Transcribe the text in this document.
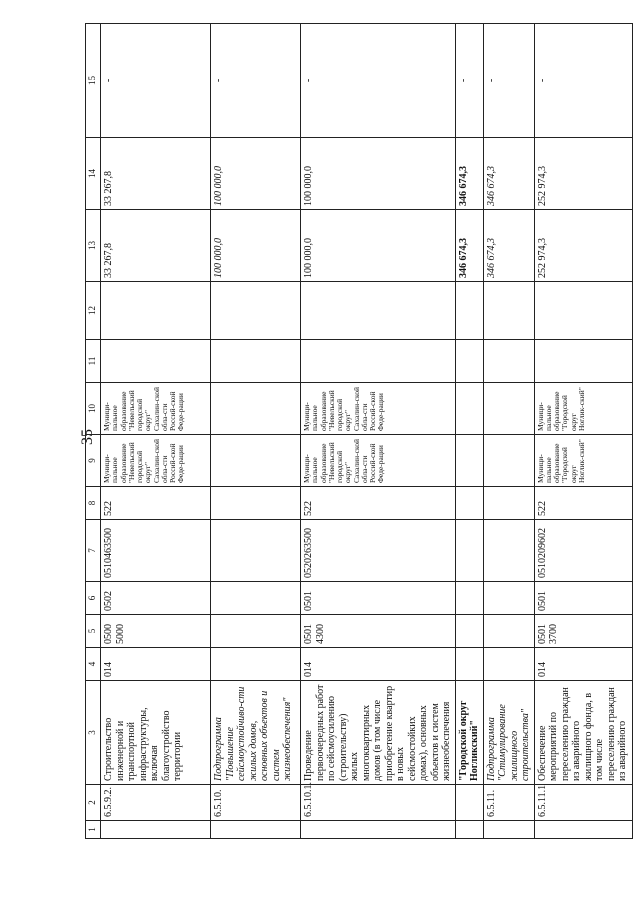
35
1	2	3	4	5	6	7	8	9	10	11	12	13	14	15
	6.5.9.2.	Строительство инженерной и транспортной инфраструктуры, включая благоустройство территории	014	0500 5000	0502	0510463500	522	Муници-пальное образование "Невельский городской округ" Сахалин-ской обла-сти Россий-ской Феде-рации	Муници-пальное образование "Невельский городской округ" Сахалин-ской обла-сти Россий-ской Феде-рации			33 267,8	33 267,8	-
	6.5.10.	Подпрограмма "Повышение сейсмоустойчиво-сти жилых домов, основных объектов и систем жизнеобеспечения"										100 000,0	100 000,0	-
	6.5.10.1.	Проведение первоочередных работ по сейсмоусилению (строительству) жилых многоквартирных домов (в том числе приобретение квартир в новых сейсмостойких домах), основных объектов и систем жизнеобеспечения	014	0501 4300	0501	0520263500	522	Муници-пальное образование "Невельский городской округ" Сахалин-ской обла-сти Россий-ской Феде-рации	Муници-пальное образование "Невельский городской округ" Сахалин-ской обла-сти Россий-ской Феде-рации			100 000,0	100 000,0	-
		"Городской округ Ногликский"										346 674,3	346 674,3	-
	6.5.11.	Подпрограмма "Стимулирование жилищного строительства"										346 674,3	346 674,3	-
	6.5.11.1	Обеспечение мероприятий по переселению граждан из аварийного жилищного фонда, в том числе переселению граждан из аварийного	014	0501 3700	0501	0510209602	522	Муници-пальное образование "Городской округ Ноглик-ский"	Муници-пальное образование "Городской округ Ноглик-ский"			252 974,3	252 974,3	-
